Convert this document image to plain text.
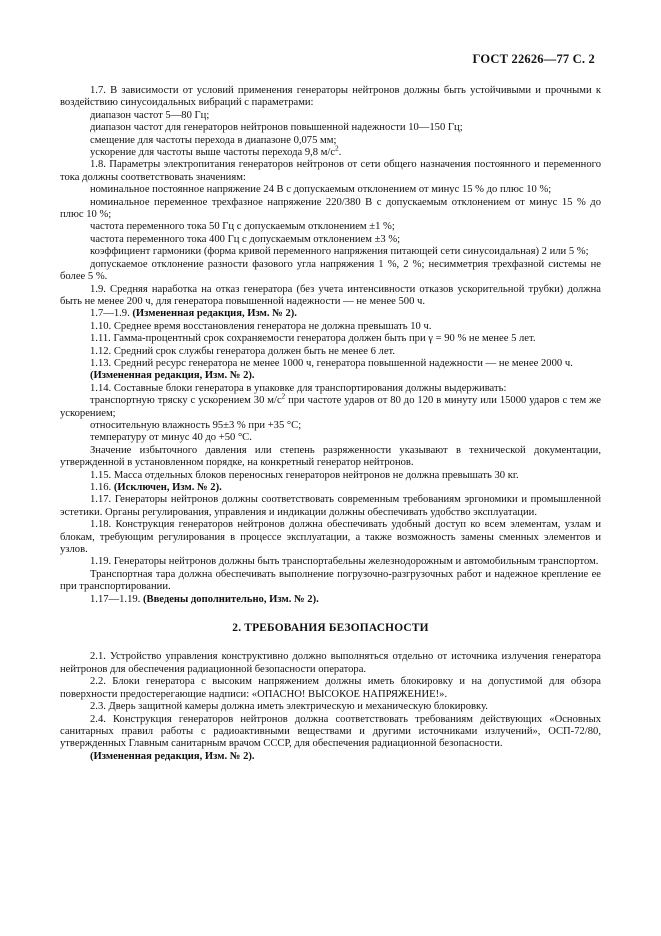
ГОСТ 22626—77 С. 2

1.7. В зависимости от условий применения генераторы нейтронов должны быть устойчивыми и прочными к воздействию синусоидальных вибраций с параметрами:

диапазон частот 5—80 Гц;

диапазон частот для генераторов нейтронов повышенной надежности 10—150 Гц;

смещение для частоты перехода в диапазоне 0,075 мм;

ускорение для частоты выше частоты перехода 9,8 $м/с^2$.

1.8. Параметры электропитания генераторов нейтронов от сети общего назначения постоянного и переменного тока должны соответствовать значениям:

номинальное постоянное напряжение 24 В с допускаемым отклонением от минус 15 % до плюс 10 %;

номинальное переменное трехфазное напряжение 220/380 В с допускаемым отклонением от минус 15 % до плюс 10 %;

частота переменного тока 50 Гц с допускаемым отклонением ±1 %;

частота переменного тока 400 Гц с допускаемым отклонением ±3 %;

коэффициент гармоники (форма кривой переменного напряжения питающей сети синусоидальная) 2 или 5 %;

допускаемое отклонение разности фазового угла напряжения 1 %, 2 %; несимметрия трехфазной системы не более 5 %.

1.9. Средняя наработка на отказ генератора (без учета интенсивности отказов ускорительной трубки) должна быть не менее 200 ч, для генератора повышенной надежности — не менее 500 ч.

1.7—1.9. (Измененная редакция, Изм. № 2).

1.10. Среднее время восстановления генератора не должна превышать 10 ч.

1.11. Гамма-процентный срок сохраняемости генератора должен быть при γ = 90 % не менее 5 лет.

1.12. Средний срок службы генератора должен быть не менее 6 лет.

1.13. Средний ресурс генератора не менее 1000 ч, генератора повышенной надежности — не менее 2000 ч.

(Измененная редакция, Изм. № 2).

1.14. Составные блоки генератора в упаковке для транспортирования должны выдерживать:

транспортную тряску с ускорением 30 $м/с^2$ при частоте ударов от 80 до 120 в минуту или 15000 ударов с тем же ускорением;

относительную влажность 95±3 % при +35 °С;

температуру от минус 40 до +50 °С.

Значение избыточного давления или степень разряженности указывают в технической документации, утвержденной в установленном порядке, на конкретный генератор нейтронов.

1.15. Масса отдельных блоков переносных генераторов нейтронов не должна превышать 30 кг.

1.16. (Исключен, Изм. № 2).

1.17. Генераторы нейтронов должны соответствовать современным требованиям эргономики и промышленной эстетики. Органы регулирования, управления и индикации должны обеспечивать удобство эксплуатации.

1.18. Конструкция генераторов нейтронов должна обеспечивать удобный доступ ко всем элементам, узлам и блокам, требующим регулирования в процессе эксплуатации, а также возможность замены сменных элементов и узлов.

1.19. Генераторы нейтронов должны быть транспортабельны железнодорожным и автомобильным транспортом.

Транспортная тара должна обеспечивать выполнение погрузочно-разгрузочных работ и надежное крепление ее при транспортировании.

1.17—1.19. (Введены дополнительно, Изм. № 2).

2. ТРЕБОВАНИЯ БЕЗОПАСНОСТИ

2.1. Устройство управления конструктивно должно выполняться отдельно от источника излучения генератора нейтронов для обеспечения радиационной безопасности оператора.

2.2. Блоки генератора с высоким напряжением должны иметь блокировку и на допустимой для обзора поверхности предостерегающие надписи: «ОПАСНО! ВЫСОКОЕ НАПРЯЖЕНИЕ!».

2.3. Дверь защитной камеры должна иметь электрическую и механическую блокировку.

2.4. Конструкция генераторов нейтронов должна соответствовать требованиям действующих «Основных санитарных правил работы с радиоактивными веществами и другими источниками излучений», ОСП-72/80, утвержденных Главным санитарным врачом СССР, для обеспечения радиационной безопасности.

(Измененная редакция, Изм. № 2).
